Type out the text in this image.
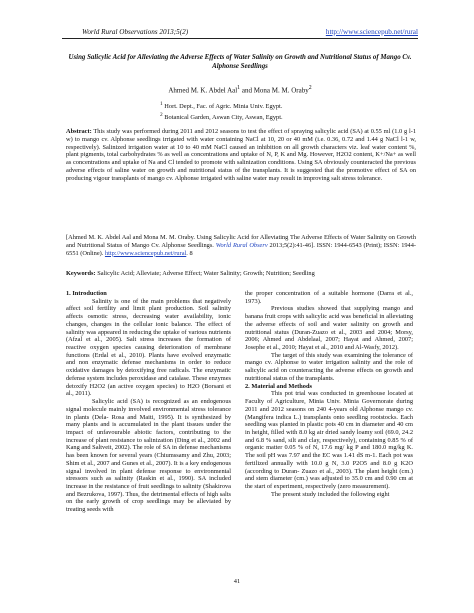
World Rural Observations 2013;5(2)	http://www.sciencepub.net/rural
Using Salicylic Acid for Alleviating the Adverse Effects of Water Salinity on Growth and Nutritional Status of Mango Cv. Alphonse Seedlings
Ahmed M. K. Abdel Aal$^1$ and Mona M. M. Oraby$^2$
$^1$ Hort. Dept., Fac. of Agric. Minia Univ. Egypt.
$^2$ Botanical Garden, Aswan City, Aswan, Egypt.
Abstract: This study was performed during 2011 and 2012 seasons to test the effect of spraying salicylic acid (SA) at 0.55 ml (1.0 g l-1 w) to mango cv. Alphonse seedlings irrigated with water containing NaCl at 10, 20 or 40 mM (i.e. 0.36, 0.72 and 1.44 g NaCl l-1 w, respectively). Salinized irrigation water at 10 to 40 mM NaCl caused an inhibition on all growth characters viz. leaf water content %, plant pigments, total carbohydrates % as well as concentrations and uptake of N, P, K and Mg. However, H2O2 content, K+/Na+ as well as concentrations and uptake of Na and Cl tended to promote with salinization conditions. Using SA obviously counteracted the previous adverse effects of saline water on growth and nutritional status of the transplants. It is suggested that the promotive effect of SA on producing vigour transplants of mango cv. Alphonse irrigated with saline water may result in improving salt stress tolerance.
[Ahmed M. K. Abdel Aal and Mona M. M. Oraby. Using Salicylic Acid for Alleviating The Adverse Effects of Water Salinity on Growth and Nutritional Status of Mango Cv. Alphonse Seedlings. World Rural Observ 2013;5(2):41-46]. ISSN: 1944-6543 (Print); ISSN: 1944-6551 (Online). http://www.sciencepub.net/rural. 8
Keywords: Salicylic Acid; Alleviate; Adverse Effect; Water Salinity; Growth; Nutrition; Seedling
1. Introduction

Salinity is one of the main problems that negatively affect soil fertility and limit plant production. Soil salinity affects osmotic stress, decreasing water availability, ionic changes, changes in the cellular ionic balance. The effect of salinity was appeared in reducing the uptake of various nutrients (Afzal et al., 2005). Salt stress increases the formation of reactive oxygen species causing deterioration of membrane functions (Erdal et al., 2010). Plants have evolved enzymatic and non enzymatic defense mechanisms in order to reduce oxidative damages by detoxifying free radicals. The enzymatic defense system includes peroxidase and catalase. These enzymes detoxify H2O2 (an active oxygen species) to H2O (Borsani et al., 2011).

Salicylic acid (SA) is recognized as an endogenous signal molecule mainly involved environmental stress tolerance in plants (Dela- Rosa and Maiti, 1995). It is synthesized by many plants and is accumulated in the plant tissues under the impact of unfavourable abiotic factors, contributing to the increase of plant resistance to salinization (Ding et al., 2002 and Kang and Saltveit, 2002). The role of SA in defense mechanisms has been known for several years (Chiumssamy and Zhu, 2003; Shim et al., 2007 and Gunes et al., 2007). It is a key endogenous signal involved in plant defense response to environmental stressors such as salinity (Raskin et al., 1990). SA included increase in the resistance of fruit seedlings to salinity (Shakirova and Bezrukova, 1997). Thus, the detrimental effects of high salts on the early growth of crop seedlings may be alleviated by treating seeds with

the proper concentration of a suitable hormone (Darra et al., 1973).

Previous studies showed that supplying mango and banana fruit crops with salicylic acid was beneficial in alleviating the adverse effects of soil and water salinity on growth and nutritional status (Duran-Zuazo et al., 2003 and 2004; Morsy, 2006; Ahmed and Abdelaal, 2007; Hayat and Ahmed, 2007; Josephe et al., 2010; Hayat et al., 2010 and Al-Wasfy, 2012).

The target of this study was examining the tolerance of mango cv. Alphonse to water irrigation salinity and the role of salicylic acid on counteracting the adverse effects on growth and nutritional status of the transplants.

2. Material and Methods

This pot trial was conducted in greenhouse located at Faculty of Agriculture, Minia Univ. Minia Governorate during 2011 and 2012 seasons on 240 4-years old Alphonse mango cv. (Mangifera indica L.) transplants onto seedling rootstocks. Each seedling was planted in plastic pots 40 cm in diameter and 40 cm in height, filled with 8.0 kg air dried sandy loamy soil (69.0, 24.2 and 6.8 % sand, silt and clay, respectively), containing 0.85 % of organic matter 0.05 % of N, 17.6 mg/ kg P and 180.0 mg/kg K. The soil pH was 7.97 and the EC was 1.41 dS m-1. Each pot was fertilized annually with 10.0 g N, 3.0 P2O5 and 8.0 g K2O (according to Duran- Zuazo et al., 2003). The plant height (cm.) and stem diameter (cm.) was adjusted to 35.0 cm and 0.90 cm at the start of experiment, respectively (zero measurement).

The present study included the following eight

41
